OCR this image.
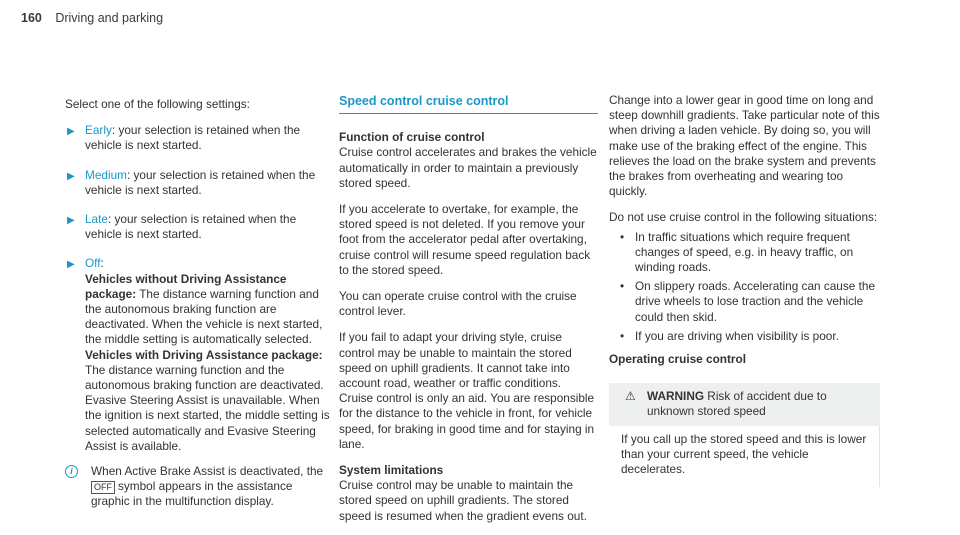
160 Driving and parking

Select one of the following settings:

▶ Early: your selection is retained when the vehicle is next started.
▶ Medium: your selection is retained when the vehicle is next started.
▶ Late: your selection is retained when the vehicle is next started.
▶ Off:
Vehicles without Driving Assistance package: The distance warning function and the autonomous braking function are deactivated. When the vehicle is next started, the middle setting is automatically selected.
Vehicles with Driving Assistance package: The distance warning function and the autonomous braking function are deactivated. Evasive Steering Assist is unavailable. When the ignition is next started, the middle setting is selected automatically and Evasive Steering Assist is available.
i	When Active Brake Assist is deactivated, the
OFF symbol appears in the assistance graphic in the multifunction display.
Speed control cruise control
Function of cruise control

Cruise control accelerates and brakes the vehicle automatically in order to maintain a previously stored speed.

If you accelerate to overtake, for example, the stored speed is not deleted. If you remove your foot from the accelerator pedal after overtaking, cruise control will resume speed regulation back to the stored speed.

You can operate cruise control with the cruise control lever.

If you fail to adapt your driving style, cruise control may be unable to maintain the stored speed on uphill gradients. It cannot take into account road, weather or traffic conditions. Cruise control is only an aid. You are responsible for the distance to the vehicle in front, for vehicle speed, for braking in good time and for staying in lane.

System limitations

Cruise control may be unable to maintain the stored speed on uphill gradients. The stored speed is resumed when the gradient evens out.

Change into a lower gear in good time on long and steep downhill gradients. Take particular note of this when driving a laden vehicle. By doing so, you will make use of the braking effect of the engine. This relieves the load on the brake system and prevents the brakes from overheating and wearing too quickly.

Do not use cruise control in the following situations:

• In traffic situations which require frequent changes of speed, e.g. in heavy traffic, on winding roads.
• On slippery roads. Accelerating can cause the drive wheels to lose traction and the vehicle could then skid.
• If you are driving when visibility is poor.
Operating cruise control
⚠ WARNING Risk of accident due to unknown stored speed
If you call up the stored speed and this is lower than your current speed, the vehicle decelerates.
